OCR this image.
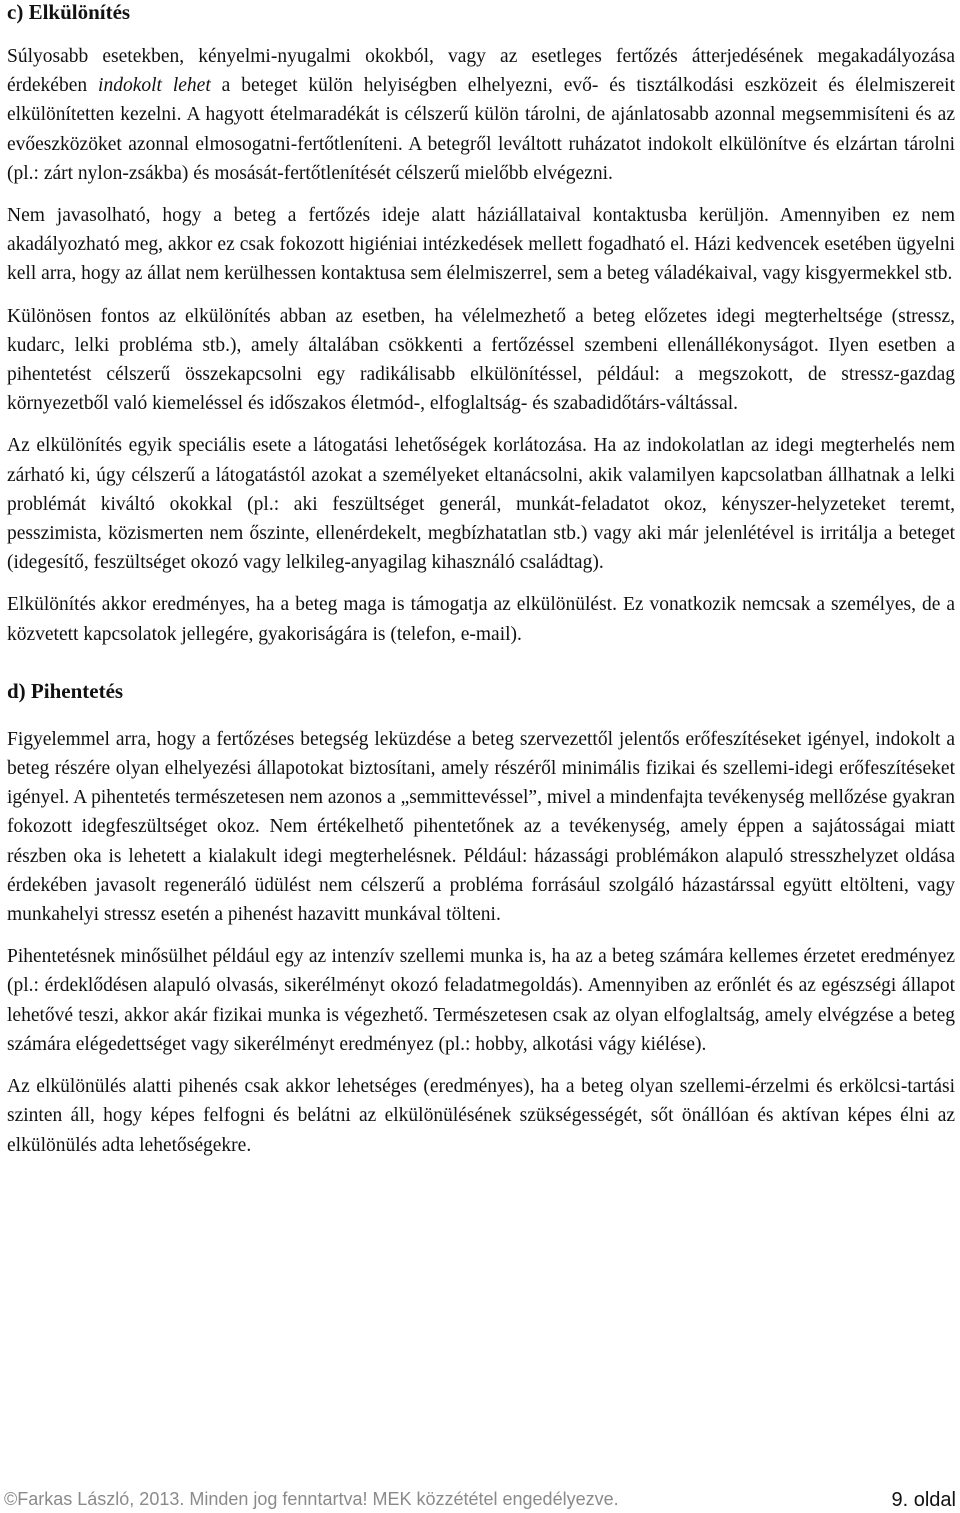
c) Elkülönítés

Súlyosabb esetekben, kényelmi-nyugalmi okokból, vagy az esetleges fertőzés átterjedésének megakadályozása érdekében indokolt lehet a beteget külön helyiségben elhelyezni, evő- és tisztálkodási eszközeit és élelmiszereit elkülönítetten kezelni. A hagyott ételmaradékát is célszerű külön tárolni, de ajánlatosabb azonnal megsemmisíteni és az evőeszközöket azonnal elmosogatni-fertőtleníteni. A betegről leváltott ruházatot indokolt elkülönítve és elzártan tárolni (pl.: zárt nylon-zsákba) és mosását-fertőtlenítését célszerű mielőbb elvégezni.

Nem javasolható, hogy a beteg a fertőzés ideje alatt háziállataival kontaktusba kerüljön. Amennyiben ez nem akadályozható meg, akkor ez csak fokozott higiéniai intézkedések mellett fogadható el. Házi kedvencek esetében ügyelni kell arra, hogy az állat nem kerülhessen kontaktusa sem élelmiszerrel, sem a beteg váladékaival, vagy kisgyermekkel stb.

Különösen fontos az elkülönítés abban az esetben, ha vélelmezhető a beteg előzetes idegi megterheltsége (stressz, kudarc, lelki probléma stb.), amely általában csökkenti a fertőzéssel szembeni ellenállékonyságot. Ilyen esetben a pihentetést célszerű összekapcsolni egy radikálisabb elkülönítéssel, például: a megszokott, de stressz-gazdag környezetből való kiemeléssel és időszakos életmód-, elfoglaltság- és szabadidőtárs-váltással.

Az elkülönítés egyik speciális esete a látogatási lehetőségek korlátozása. Ha az indokolatlan az idegi megterhelés nem zárható ki, úgy célszerű a látogatástól azokat a személyeket eltanácsolni, akik valamilyen kapcsolatban állhatnak a lelki problémát kiváltó okokkal (pl.: aki feszültséget generál, munkát-feladatot okoz, kényszer-helyzeteket teremt, pesszimista, közismerten nem őszinte, ellenérdekelt, megbízhatatlan stb.) vagy aki már jelenlétével is irritálja a beteget (idegesítő, feszültséget okozó vagy lelkileg-anyagilag kihasználó családtag).

Elkülönítés akkor eredményes, ha a beteg maga is támogatja az elkülönülést. Ez vonatkozik nemcsak a személyes, de a közvetett kapcsolatok jellegére, gyakoriságára is (telefon, e-mail).

d) Pihentetés

Figyelemmel arra, hogy a fertőzéses betegség leküzdése a beteg szervezettől jelentős erőfeszítéseket igényel, indokolt a beteg részére olyan elhelyezési állapotokat biztosítani, amely részéről minimális fizikai és szellemi-idegi erőfeszítéseket igényel. A pihentetés természetesen nem azonos a „semmittevéssel”, mivel a mindenfajta tevékenység mellőzése gyakran fokozott idegfeszültséget okoz. Nem értékelhető pihentetőnek az a tevékenység, amely éppen a sajátosságai miatt részben oka is lehetett a kialakult idegi megterhelésnek. Például: házassági problémákon alapuló stresszhelyzet oldása érdekében javasolt regeneráló üdülést nem célszerű a probléma forrásául szolgáló házastárssal együtt eltölteni, vagy munkahelyi stressz esetén a pihenést hazavitt munkával tölteni.

Pihentetésnek minősülhet például egy az intenzív szellemi munka is, ha az a beteg számára kellemes érzetet eredményez (pl.: érdeklődésen alapuló olvasás, sikerélményt okozó feladatmegoldás). Amennyiben az erőnlét és az egészségi állapot lehetővé teszi, akkor akár fizikai munka is végezhető. Természetesen csak az olyan elfoglaltság, amely elvégzése a beteg számára elégedettséget vagy sikerélményt eredményez (pl.: hobby, alkotási vágy kiélése).

Az elkülönülés alatti pihenés csak akkor lehetséges (eredményes), ha a beteg olyan szellemi-érzelmi és erkölcsi-tartási szinten áll, hogy képes felfogni és belátni az elkülönülésének szükségességét, sőt önállóan és aktívan képes élni az elkülönülés adta lehetőségekre.

©Farkas László, 2013. Minden jog fenntartva! MEK közzététel engedélyezve.	9. oldal
